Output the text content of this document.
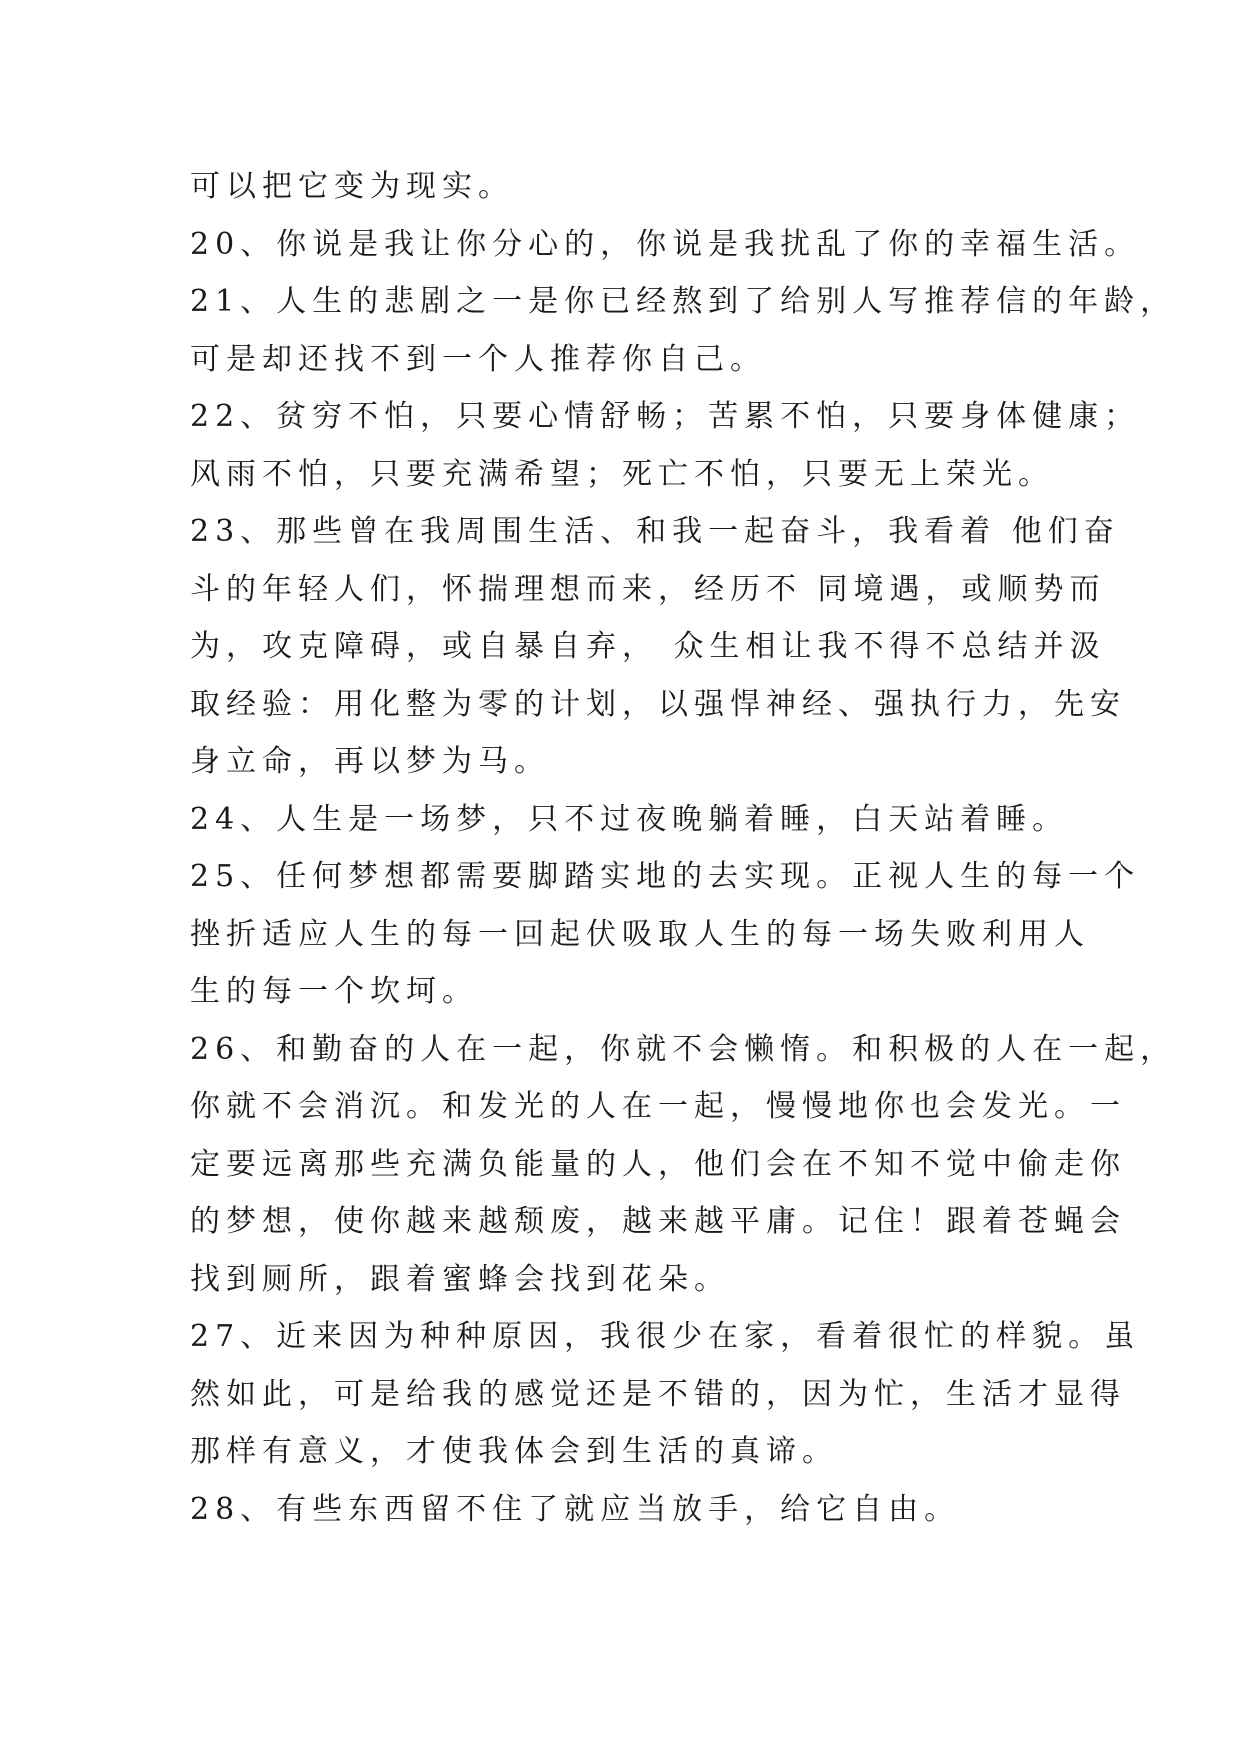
可以把它变为现实。
20、你说是我让你分心的，你说是我扰乱了你的幸福生活。
21、人生的悲剧之一是你已经熬到了给别人写推荐信的年龄，
可是却还找不到一个人推荐你自己。
22、贫穷不怕，只要心情舒畅；苦累不怕，只要身体健康；
风雨不怕，只要充满希望；死亡不怕，只要无上荣光。
23、那些曾在我周围生活、和我一起奋斗，我看着 他们奋
斗的年轻人们，怀揣理想而来，经历不 同境遇，或顺势而
为，攻克障碍，或自暴自弃， 众生相让我不得不总结并汲
取经验：用化整为零的计划，以强悍神经、强执行力，先安
身立命，再以梦为马。
24、人生是一场梦，只不过夜晚躺着睡，白天站着睡。
25、任何梦想都需要脚踏实地的去实现。正视人生的每一个
挫折适应人生的每一回起伏吸取人生的每一场失败利用人
生的每一个坎坷。
26、和勤奋的人在一起，你就不会懒惰。和积极的人在一起，
你就不会消沉。和发光的人在一起，慢慢地你也会发光。一
定要远离那些充满负能量的人，他们会在不知不觉中偷走你
的梦想，使你越来越颓废，越来越平庸。记住！跟着苍蝇会
找到厕所，跟着蜜蜂会找到花朵。
27、近来因为种种原因，我很少在家，看着很忙的样貌。虽
然如此，可是给我的感觉还是不错的，因为忙，生活才显得
那样有意义，才使我体会到生活的真谛。
28、有些东西留不住了就应当放手，给它自由。
